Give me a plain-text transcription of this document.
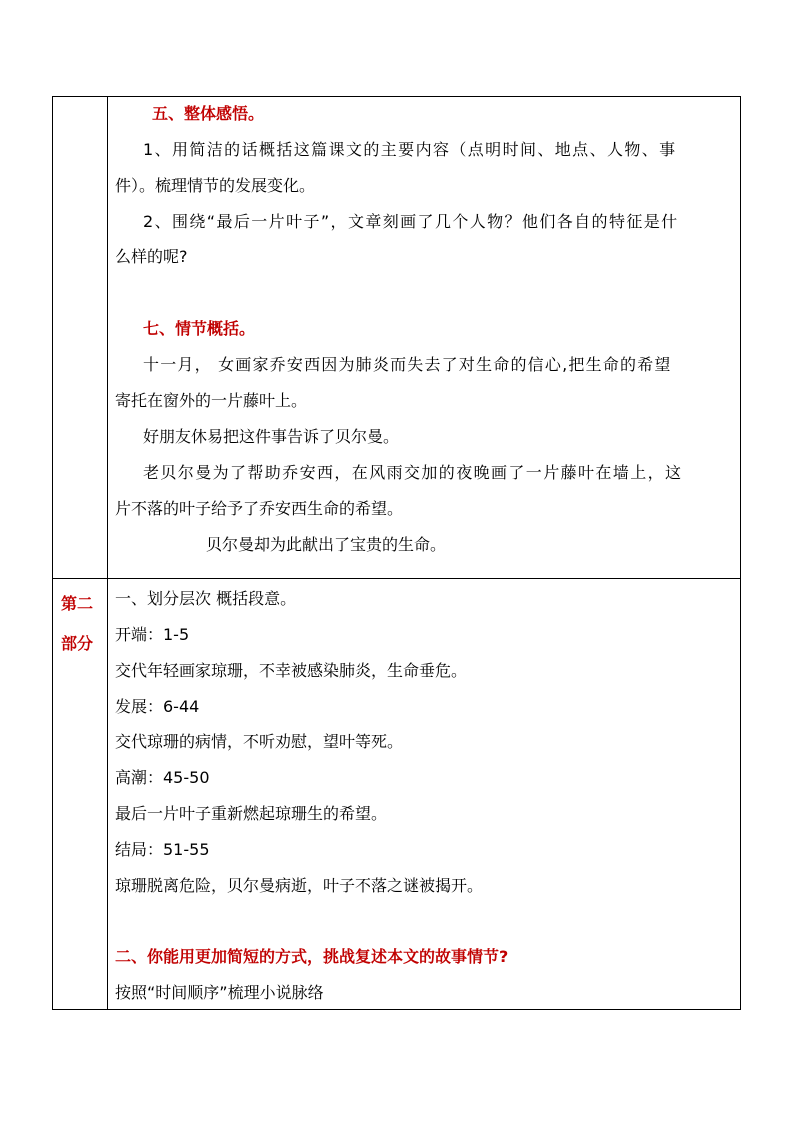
五、整体感悟。
1、用简洁的话概括这篇课文的主要内容（点明时间、地点、人物、事
件）。梳理情节的发展变化。
2、围绕“最后一片叶子”，文章刻画了几个人物？他们各自的特征是什
么样的呢?
七、情节概括。
十一月， 女画家乔安西因为肺炎而失去了对生命的信心,把生命的希望
寄托在窗外的一片藤叶上。
好朋友休易把这件事告诉了贝尔曼。
老贝尔曼为了帮助乔安西，在风雨交加的夜晚画了一片藤叶在墙上，这
片不落的叶子给予了乔安西生命的希望。
贝尔曼却为此献出了宝贵的生命。
第二
部分
一、划分层次 概括段意。
开端：1-5
交代年轻画家琼珊，不幸被感染肺炎，生命垂危。
发展：6-44
交代琼珊的病情，不听劝慰，望叶等死。
高潮：45-50
最后一片叶子重新燃起琼珊生的希望。
结局：51-55
琼珊脱离危险，贝尔曼病逝，叶子不落之谜被揭开。
二、你能用更加简短的方式，挑战复述本文的故事情节?
按照“时间顺序”梳理小说脉络
